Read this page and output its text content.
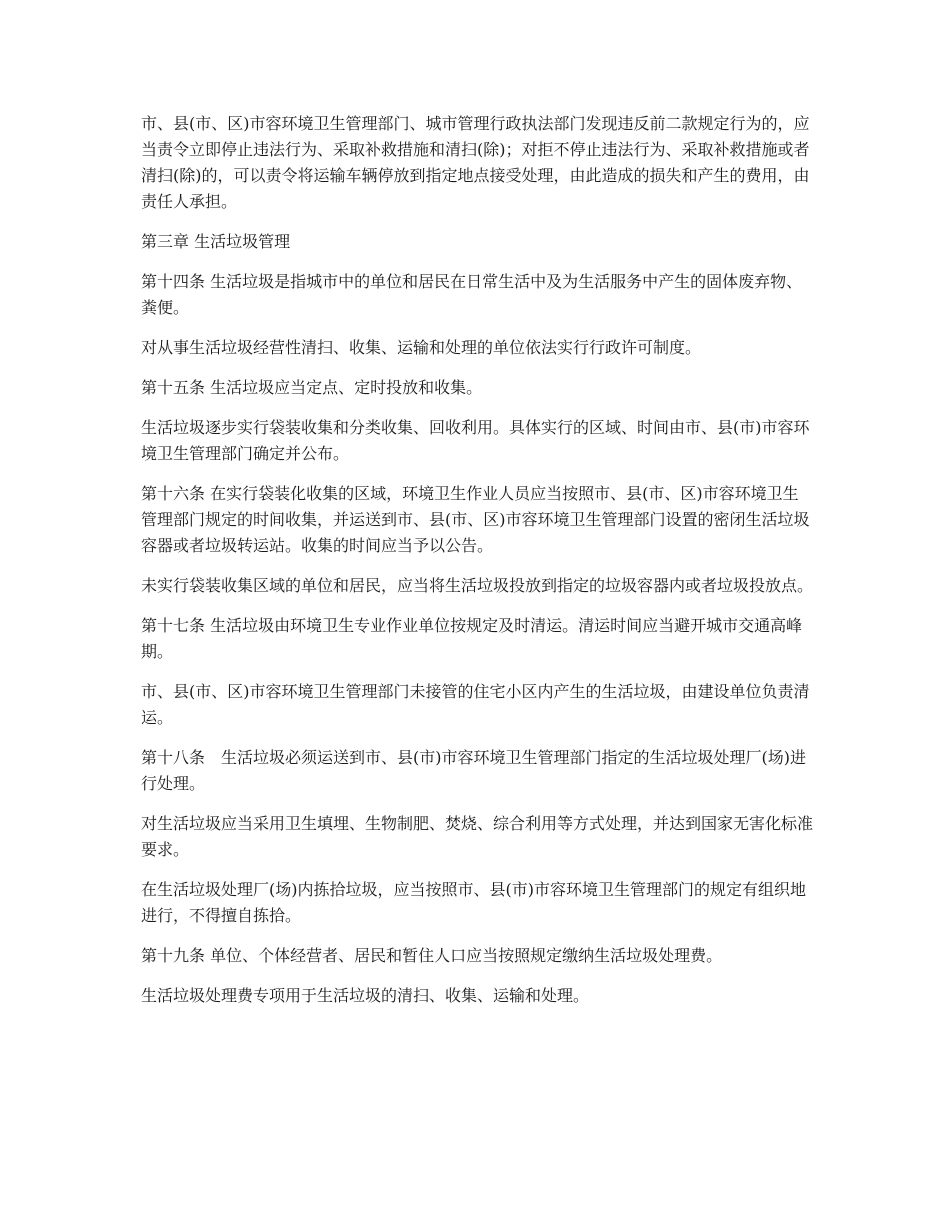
市、县(市、区)市容环境卫生管理部门、城市管理行政执法部门发现违反前二款规定行为的，应当责令立即停止违法行为、采取补救措施和清扫(除)；对拒不停止违法行为、采取补救措施或者清扫(除)的，可以责令将运输车辆停放到指定地点接受处理，由此造成的损失和产生的费用，由责任人承担。

第三章 生活垃圾管理

第十四条 生活垃圾是指城市中的单位和居民在日常生活中及为生活服务中产生的固体废弃物、粪便。

对从事生活垃圾经营性清扫、收集、运输和处理的单位依法实行行政许可制度。

第十五条 生活垃圾应当定点、定时投放和收集。

生活垃圾逐步实行袋装收集和分类收集、回收利用。具体实行的区域、时间由市、县(市)市容环境卫生管理部门确定并公布。

第十六条 在实行袋装化收集的区域，环境卫生作业人员应当按照市、县(市、区)市容环境卫生管理部门规定的时间收集，并运送到市、县(市、区)市容环境卫生管理部门设置的密闭生活垃圾容器或者垃圾转运站。收集的时间应当予以公告。

未实行袋装收集区域的单位和居民，应当将生活垃圾投放到指定的垃圾容器内或者垃圾投放点。

第十七条 生活垃圾由环境卫生专业作业单位按规定及时清运。清运时间应当避开城市交通高峰期。

市、县(市、区)市容环境卫生管理部门未接管的住宅小区内产生的生活垃圾，由建设单位负责清运。

第十八条　生活垃圾必须运送到市、县(市)市容环境卫生管理部门指定的生活垃圾处理厂(场)进行处理。

对生活垃圾应当采用卫生填埋、生物制肥、焚烧、综合利用等方式处理，并达到国家无害化标准要求。

在生活垃圾处理厂(场)内拣拾垃圾，应当按照市、县(市)市容环境卫生管理部门的规定有组织地进行，不得擅自拣拾。

第十九条 单位、个体经营者、居民和暂住人口应当按照规定缴纳生活垃圾处理费。

生活垃圾处理费专项用于生活垃圾的清扫、收集、运输和处理。
